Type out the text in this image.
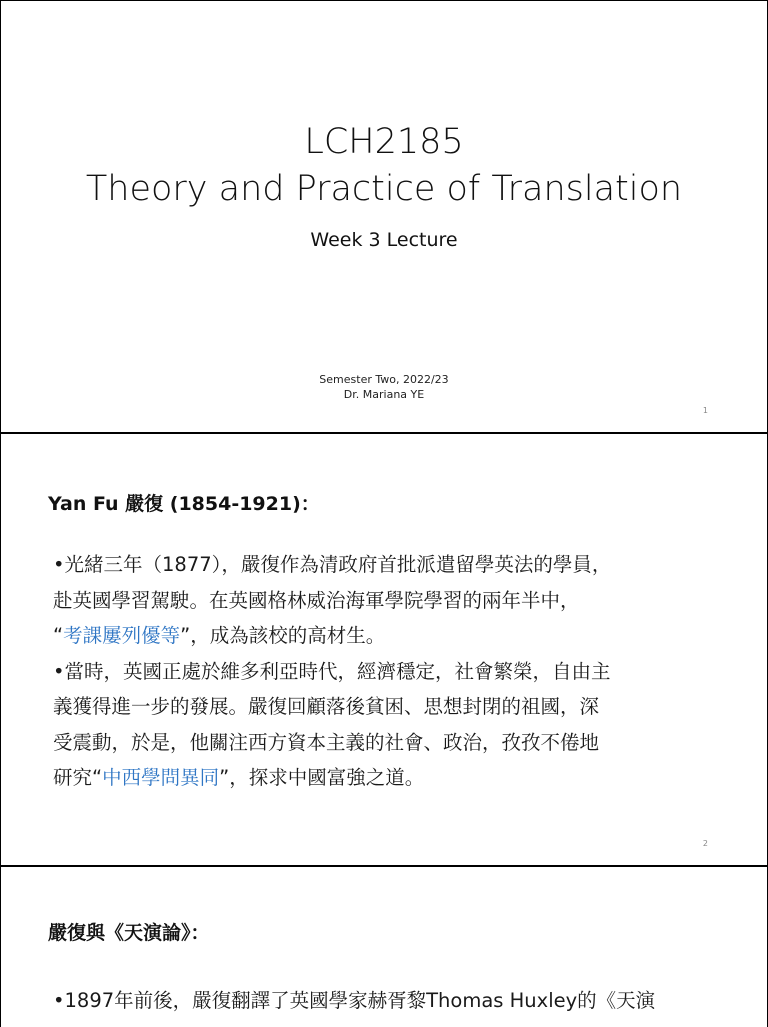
LCH2185
Theory and Practice of Translation
Week 3 Lecture
Semester Two, 2022/23
Dr. Mariana YE
1
Yan Fu 嚴復 (1854-1921)：
•光緒三年（1877），嚴復作為清政府首批派遣留學英法的學員，
赴英國學習駕駛。在英國格林威治海軍學院學習的兩年半中，
“考課屢列優等”，成為該校的高材生。
•當時，英國正處於維多利亞時代，經濟穩定，社會繁榮，自由主
義獲得進一步的發展。嚴復回顧落後貧困、思想封閉的祖國，深
受震動，於是，他關注西方資本主義的社會、政治，孜孜不倦地
研究“中西學問異同”，探求中國富強之道。
2
嚴復與《天演論》：
•1897年前後，嚴復翻譯了英國學家赫胥黎Thomas Huxley的《天演
